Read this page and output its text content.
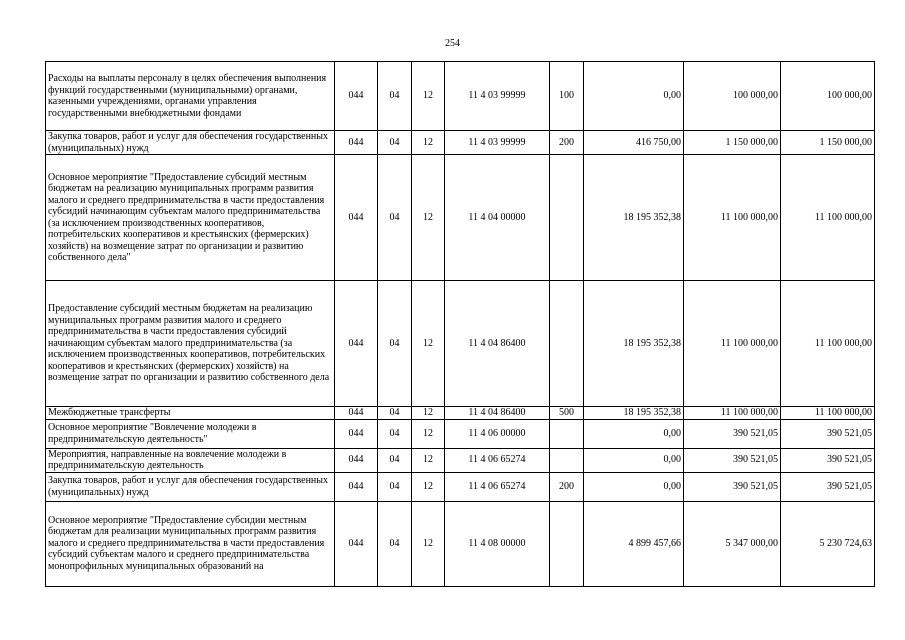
254
Расходы на выплаты персоналу в целях обеспечения выполнения функций государственными (муниципальными) органами, казенными учреждениями, органами управления государственными внебюджетными фондами	044	04	12	11 4 03 99999	100	0,00	100 000,00	100 000,00
Закупка товаров, работ и услуг для обеспечения государственных (муниципальных) нужд	044	04	12	11 4 03 99999	200	416 750,00	1 150 000,00	1 150 000,00
Основное мероприятие "Предоставление субсидий местным бюджетам на реализацию муниципальных программ развития малого и среднего предпринимательства в части предоставления субсидий начинающим субъектам малого предпринимательства (за исключением производственных кооперативов, потребительских кооперативов и крестьянских (фермерских) хозяйств) на возмещение затрат по организации и развитию собственного дела"	044	04	12	11 4 04 00000		18 195 352,38	11 100 000,00	11 100 000,00
Предоставление субсидий местным бюджетам на реализацию муниципальных программ развития малого и среднего предпринимательства в части предоставления субсидий начинающим субъектам малого предпринимательства (за исключением производственных кооперативов, потребительских кооперативов и крестьянских (фермерских) хозяйств) на возмещение затрат по организации и развитию собственного дела	044	04	12	11 4 04 86400		18 195 352,38	11 100 000,00	11 100 000,00
Межбюджетные трансферты	044	04	12	11 4 04 86400	500	18 195 352,38	11 100 000,00	11 100 000,00
Основное мероприятие "Вовлечение молодежи в предпринимательскую деятельность"	044	04	12	11 4 06 00000		0,00	390 521,05	390 521,05
Мероприятия, направленные на вовлечение молодежи в предпринимательскую деятельность	044	04	12	11 4 06 65274		0,00	390 521,05	390 521,05
Закупка товаров, работ и услуг для обеспечения государственных (муниципальных) нужд	044	04	12	11 4 06 65274	200	0,00	390 521,05	390 521,05
Основное мероприятие "Предоставление субсидии местным бюджетам для реализации муниципальных программ развития малого и среднего предпринимательства в части предоставления субсидий субъектам малого и среднего предпринимательства монопрофильных муниципальных образований на	044	04	12	11 4 08 00000		4 899 457,66	5 347 000,00	5 230 724,63
